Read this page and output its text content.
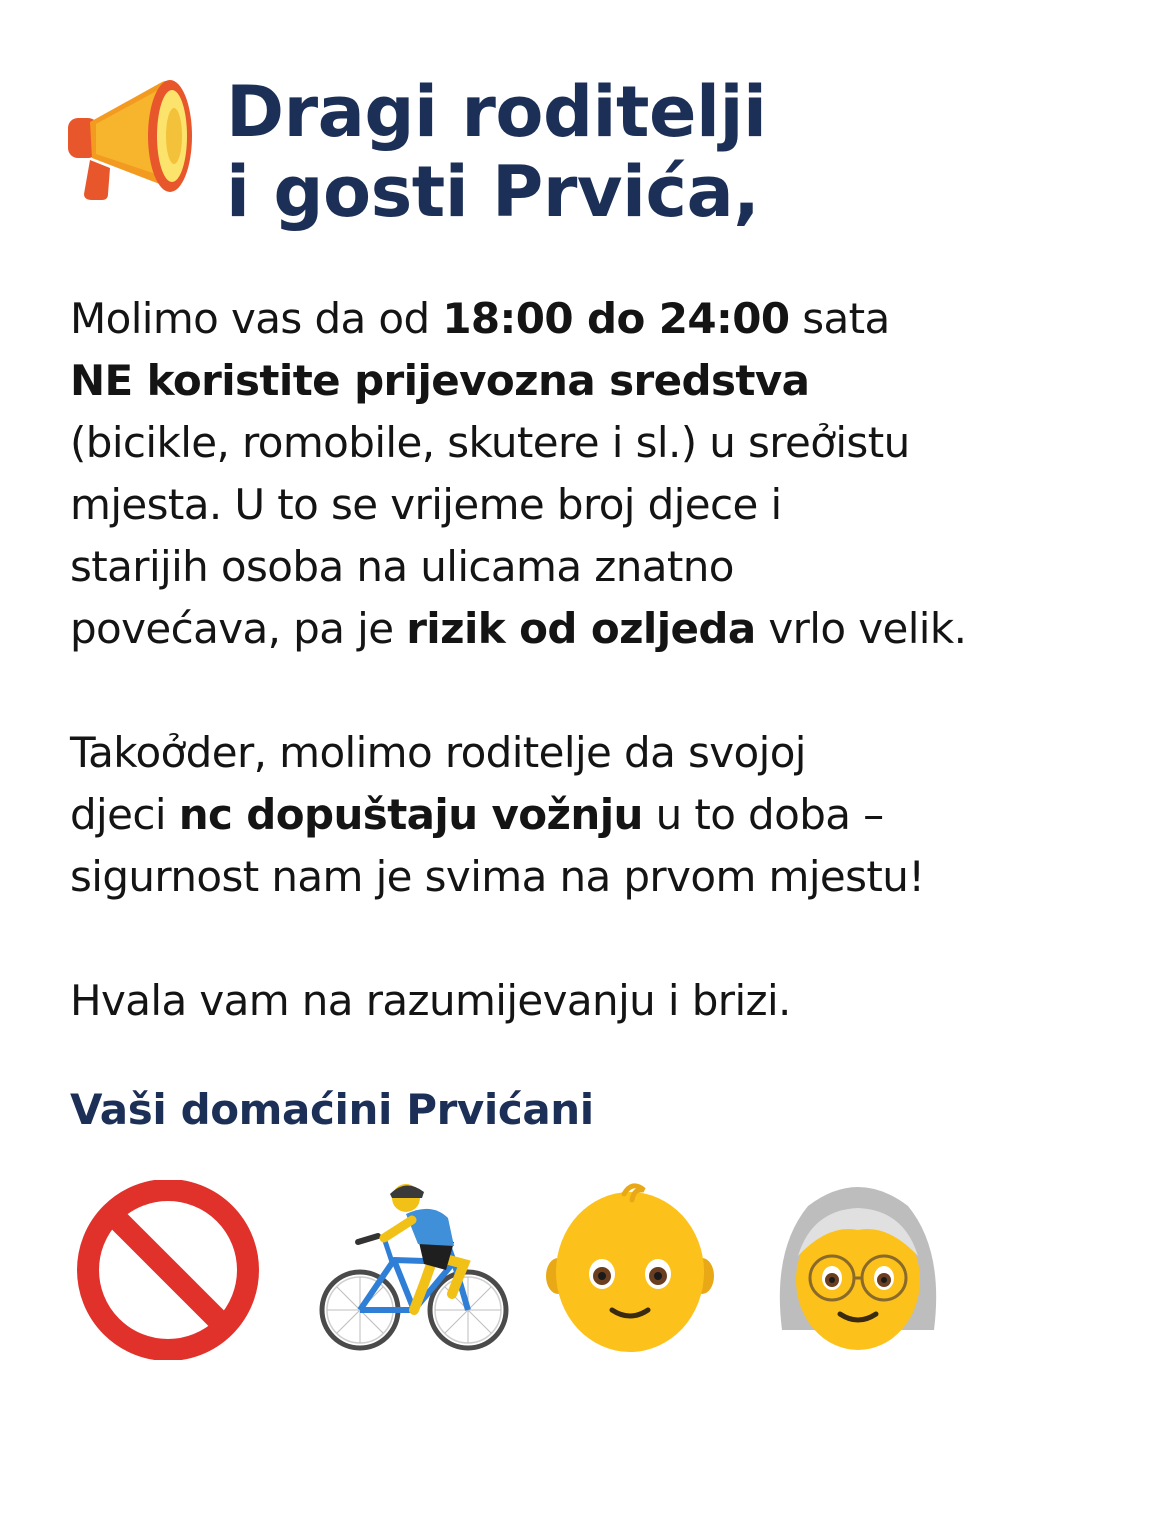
Dragi roditelji
i gosti Prvića,

Molimo vas da od 18:00 do 24:00 sata
NE koristite prijevozna sredstva
(bicikle, romobile, skutere i sl.) u sreởistu
mjesta. U to se vrijeme broj djece i
starijih osoba na ulicama znatno
povećava, pa je rizik od ozljeda vrlo velik.

Takoởder, molimo roditelje da svojoj
djeci nc dopuštaju vožnju u to doba –
sigurnost nam je svima na prvom mjestu!

Hvala vam na razumijevanju i brizi.

Vaši domaćini Prvićani
